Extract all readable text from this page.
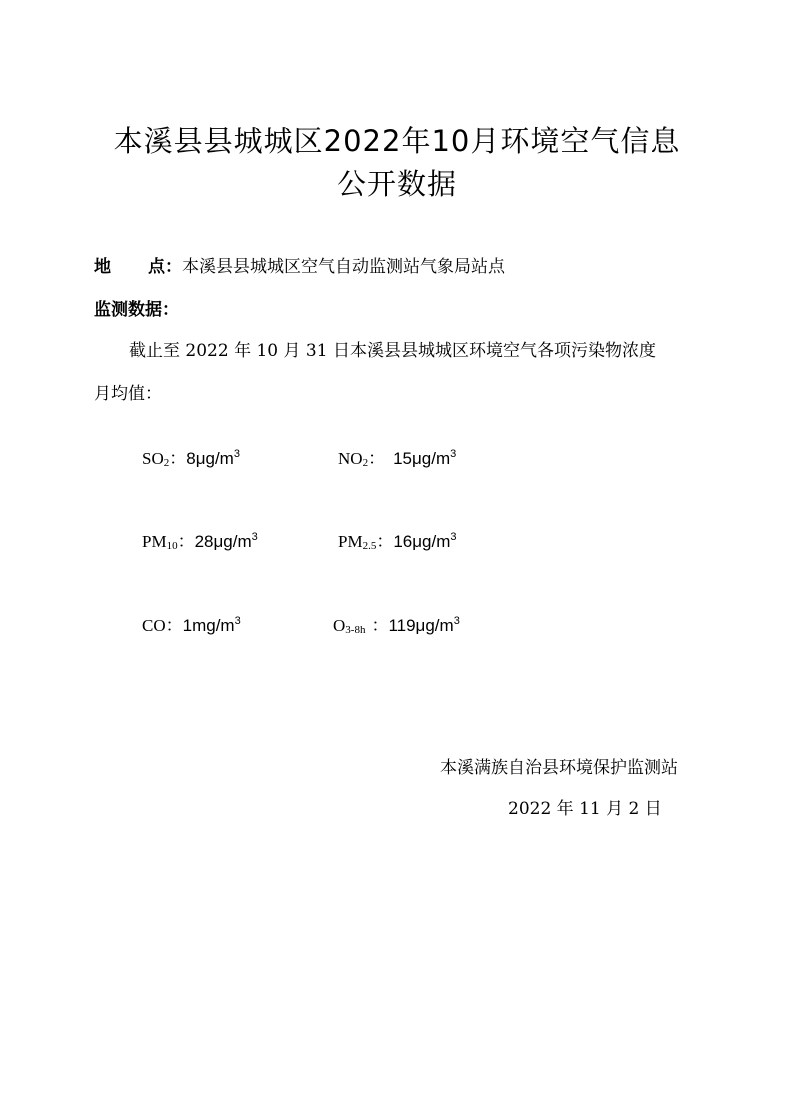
本溪县县城城区2022年10月环境空气信息
公开数据
地 点：本溪县县城城区空气自动监测站气象局站点
监测数据：
截止至 2022 年 10 月 31 日本溪县县城城区环境空气各项污染物浓度
月均值：
SO2：$8\mu g/m^3$	NO2： $15\mu g/m^3$
PM10：$28\mu g/m^3$	PM2.5：$16\mu g/m^3$
CO：$1mg/m^3$	O3-8h ：$119\mu g/m^3$
本溪满族自治县环境保护监测站
2022 年 11 月 2 日
